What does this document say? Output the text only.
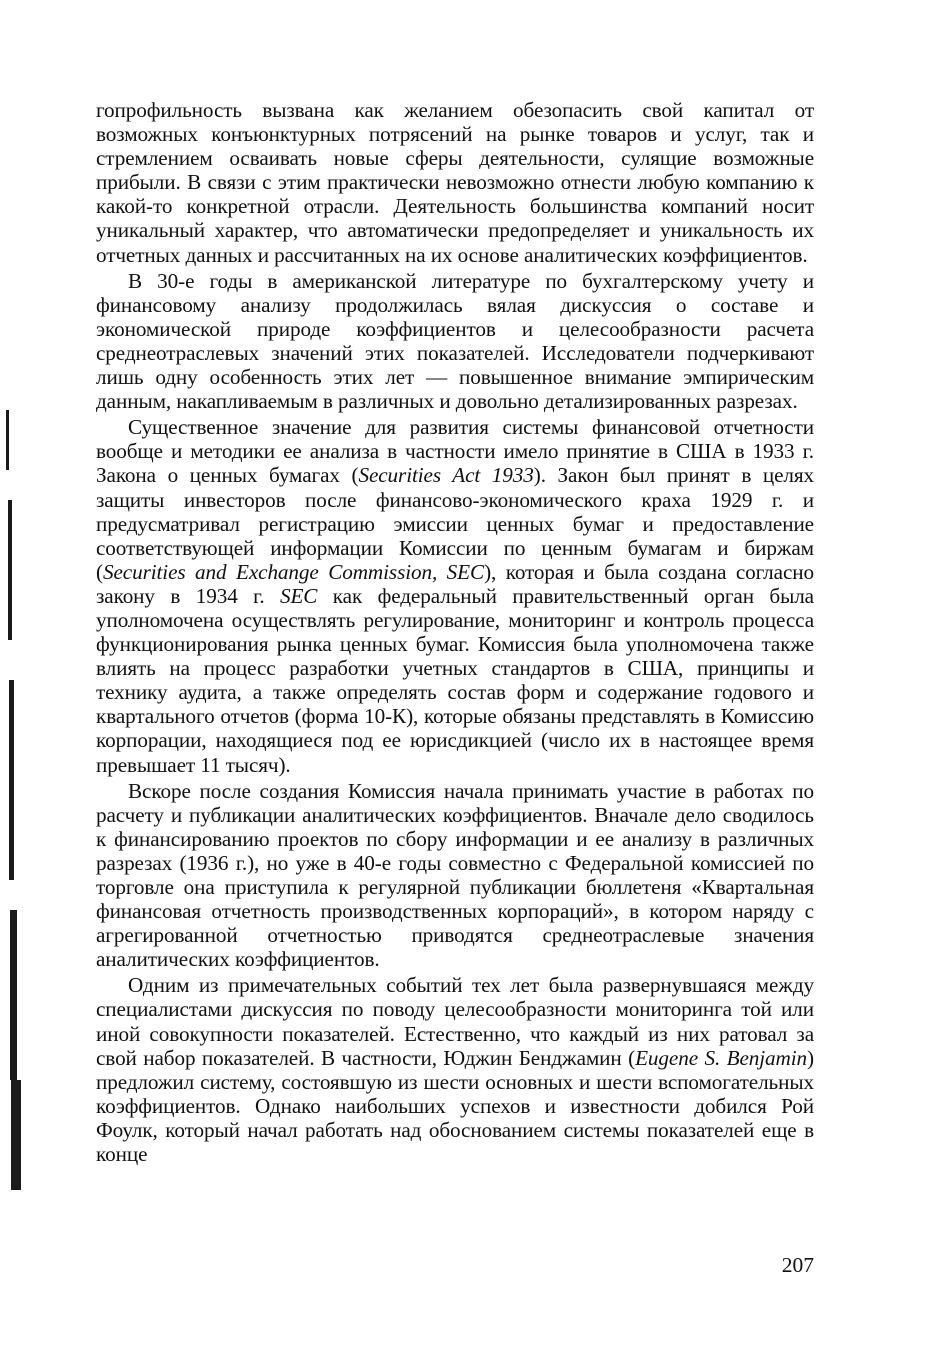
гопрофильность вызвана как желанием обезопасить свой капитал от возможных конъюнктурных потрясений на рынке товаров и услуг, так и стремлением осваивать новые сферы деятельности, сулящие возможные прибыли. В связи с этим практически невозможно отнести любую компанию к какой-то конкретной отрасли. Деятельность большинства компаний носит уникальный характер, что автоматически предопределяет и уникальность их отчетных данных и рассчитанных на их основе аналитических коэффициентов.

В 30-е годы в американской литературе по бухгалтерскому учету и финансовому анализу продолжилась вялая дискуссия о составе и экономической природе коэффициентов и целесообразности расчета среднеотраслевых значений этих показателей. Исследователи подчеркивают лишь одну особенность этих лет — повышенное внимание эмпирическим данным, накапливаемым в различных и довольно детализированных разрезах.

Существенное значение для развития системы финансовой отчетности вообще и методики ее анализа в частности имело принятие в США в 1933 г. Закона о ценных бумагах (Securities Act 1933). Закон был принят в целях защиты инвесторов после финансово-экономического краха 1929 г. и предусматривал регистрацию эмиссии ценных бумаг и предоставление соответствующей информации Комиссии по ценным бумагам и биржам (Securities and Exchange Commission, SEC), которая и была создана согласно закону в 1934 г. SEC как федеральный правительственный орган была уполномочена осуществлять регулирование, мониторинг и контроль процесса функционирования рынка ценных бумаг. Комиссия была уполномочена также влиять на процесс разработки учетных стандартов в США, принципы и технику аудита, а также определять состав форм и содержание годового и квартального отчетов (форма 10-К), которые обязаны представлять в Комиссию корпорации, находящиеся под ее юрисдикцией (число их в настоящее время превышает 11 тысяч).

Вскоре после создания Комиссия начала принимать участие в работах по расчету и публикации аналитических коэффициентов. Вначале дело сводилось к финансированию проектов по сбору информации и ее анализу в различных разрезах (1936 г.), но уже в 40-е годы совместно с Федеральной комиссией по торговле она приступила к регулярной публикации бюллетеня «Квартальная финансовая отчетность производственных корпораций», в котором наряду с агрегированной отчетностью приводятся среднеотраслевые значения аналитических коэффициентов.

Одним из примечательных событий тех лет была развернувшаяся между специалистами дискуссия по поводу целесообразности мониторинга той или иной совокупности показателей. Естественно, что каждый из них ратовал за свой набор показателей. В частности, Юджин Бенджамин (Eugene S. Benjamin) предложил систему, состоявшую из шести основных и шести вспомогательных коэффициентов. Однако наибольших успехов и известности добился Рой Фоулк, который начал работать над обоснованием системы показателей еще в конце

207
